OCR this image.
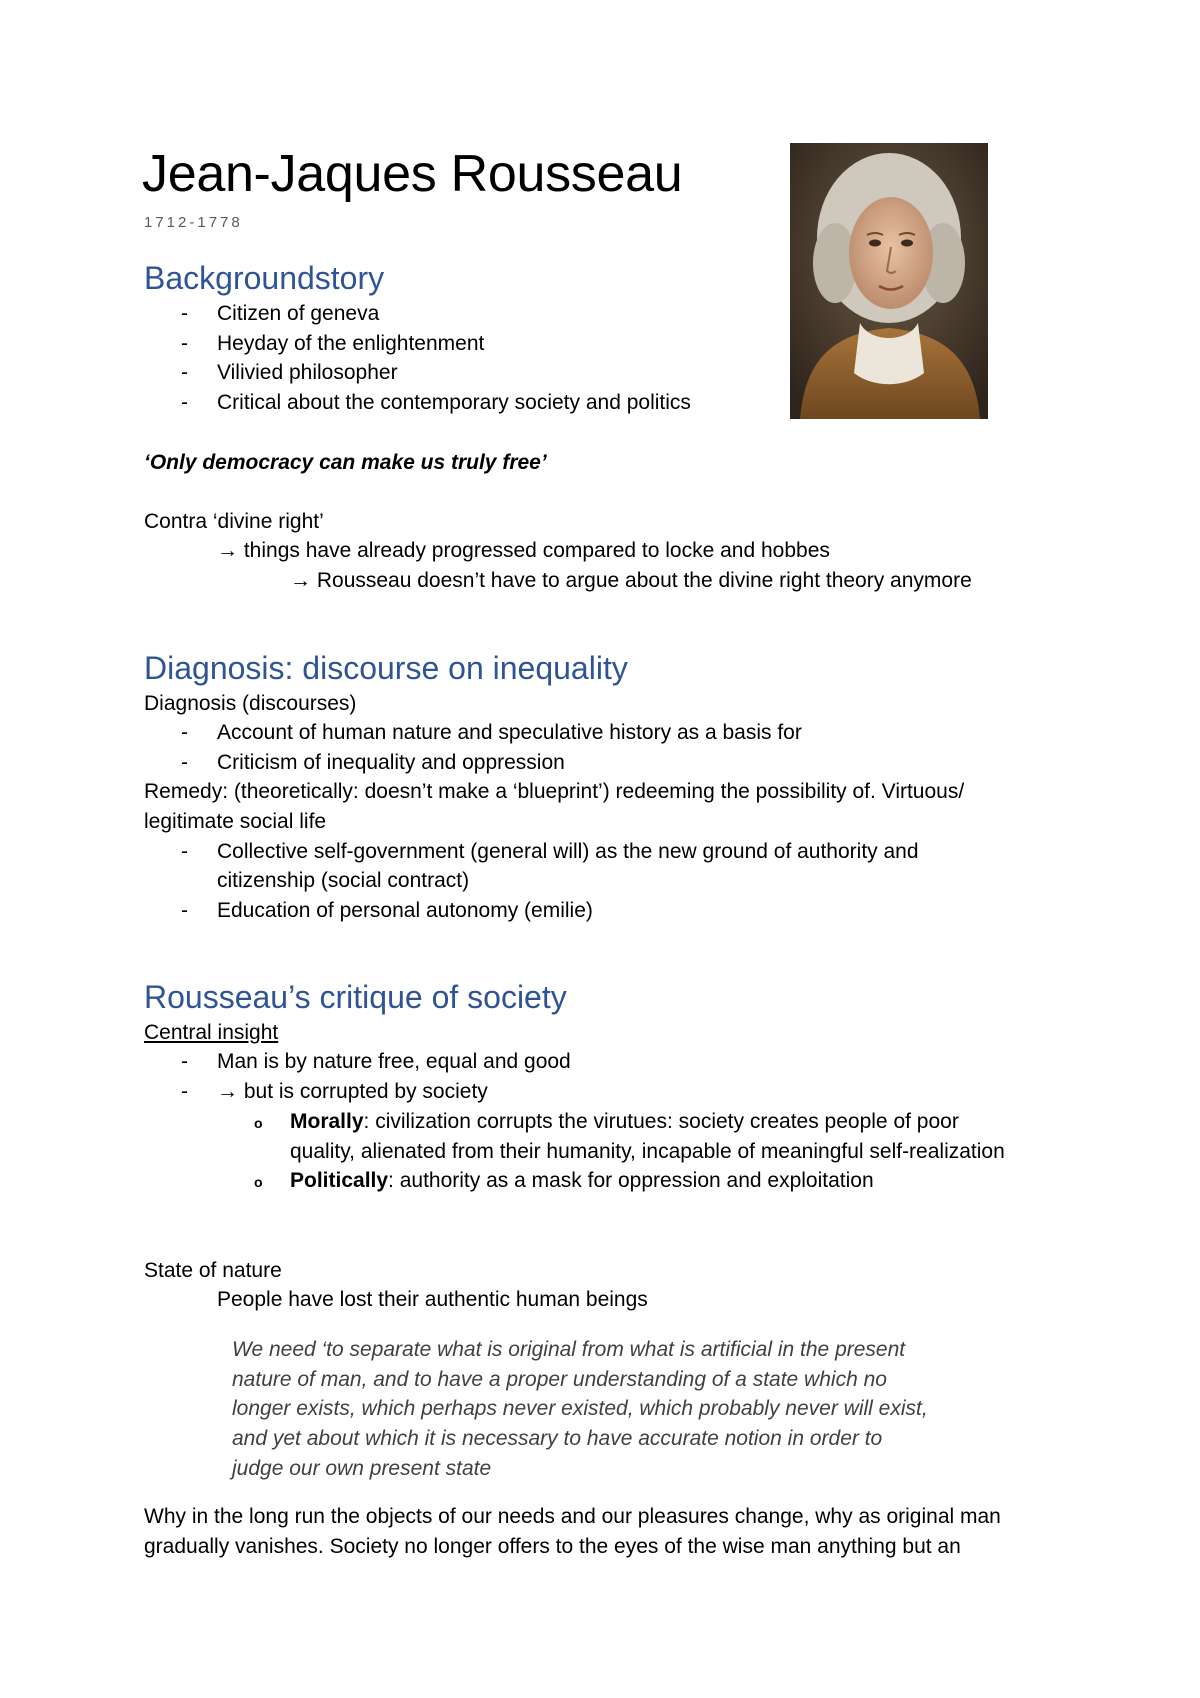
Jean-Jaques Rousseau
1712-1778
Backgroundstory
- Citizen of geneva
- Heyday of the enlightenment
- Vilivied philosopher
- Critical about the contemporary society and politics
‘Only democracy can make us truly free’
Contra ‘divine right’
→ things have already progressed compared to locke and hobbes
→ Rousseau doesn’t have to argue about the divine right theory anymore
Diagnosis: discourse on inequality
Diagnosis (discourses)
- Account of human nature and speculative history as a basis for
- Criticism of inequality and oppression
Remedy: (theoretically: doesn’t make a ‘blueprint’) redeeming the possibility of. Virtuous/
legitimate social life
- Collective self-government (general will) as the new ground of authority and
citizenship (social contract)
- Education of personal autonomy (emilie)
Rousseau’s critique of society
Central insight
- Man is by nature free, equal and good
- → but is corrupted by society
o Morally: civilization corrupts the virutues: society creates people of poor
quality, alienated from their humanity, incapable of meaningful self-realization
o Politically: authority as a mask for oppression and exploitation
State of nature
People have lost their authentic human beings
We need ‘to separate what is original from what is artificial in the present
nature of man, and to have a proper understanding of a state which no
longer exists, which perhaps never existed, which probably never will exist,
and yet about which it is necessary to have accurate notion in order to
judge our own present state
Why in the long run the objects of our needs and our pleasures change, why as original man
gradually vanishes. Society no longer offers to the eyes of the wise man anything but an
